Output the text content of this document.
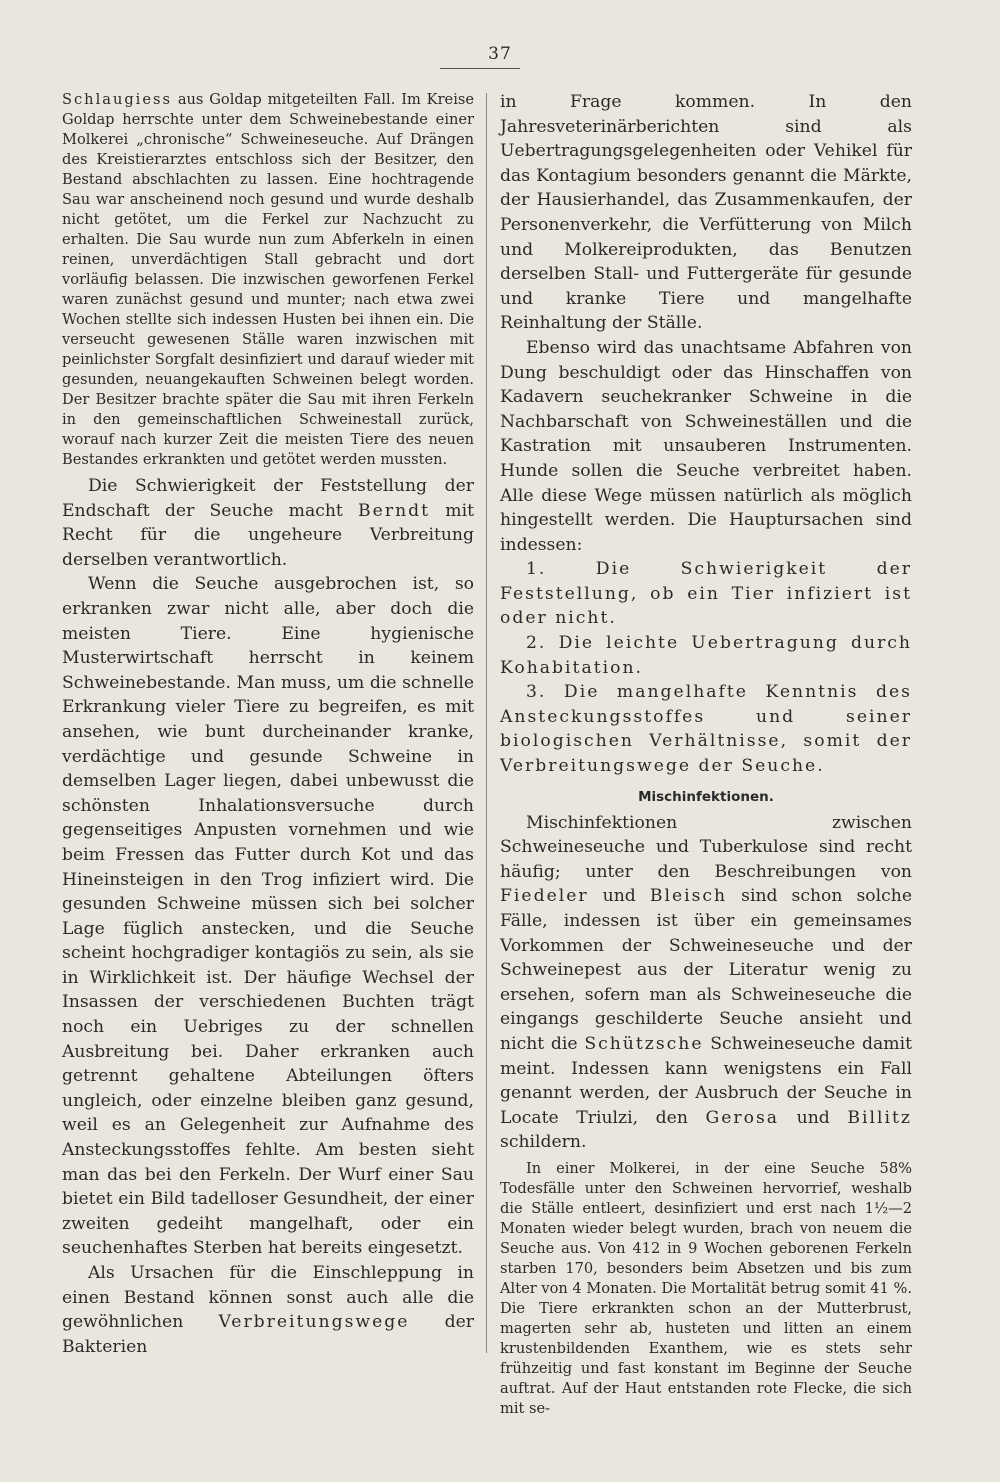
37

Schlaugiess aus Goldap mitgeteilten Fall. Im Kreise Goldap herrschte unter dem Schweinebestande einer Molkerei „chronische“ Schweineseuche. Auf Drängen des Kreistierarztes entschloss sich der Besitzer, den Bestand abschlachten zu lassen. Eine hochtragende Sau war anscheinend noch gesund und wurde deshalb nicht getötet, um die Ferkel zur Nachzucht zu erhalten. Die Sau wurde nun zum Abferkeln in einen reinen, unverdächtigen Stall gebracht und dort vorläufig belassen. Die inzwischen geworfenen Ferkel waren zunächst gesund und munter; nach etwa zwei Wochen stellte sich indessen Husten bei ihnen ein. Die verseucht gewesenen Ställe waren inzwischen mit peinlichster Sorgfalt desinfiziert und darauf wieder mit gesunden, neuangekauften Schweinen belegt worden. Der Besitzer brachte später die Sau mit ihren Ferkeln in den gemeinschaftlichen Schweinestall zurück, worauf nach kurzer Zeit die meisten Tiere des neuen Bestandes erkrankten und getötet werden mussten.

Die Schwierigkeit der Feststellung der Endschaft der Seuche macht Berndt mit Recht für die ungeheure Verbreitung derselben verantwortlich.

Wenn die Seuche ausgebrochen ist, so erkranken zwar nicht alle, aber doch die meisten Tiere. Eine hygienische Musterwirtschaft herrscht in keinem Schweinebestande. Man muss, um die schnelle Erkrankung vieler Tiere zu begreifen, es mit ansehen, wie bunt durcheinander kranke, verdächtige und gesunde Schweine in demselben Lager liegen, dabei unbewusst die schönsten Inhalationsversuche durch gegenseitiges Anpusten vornehmen und wie beim Fressen das Futter durch Kot und das Hineinsteigen in den Trog infiziert wird. Die gesunden Schweine müssen sich bei solcher Lage füglich anstecken, und die Seuche scheint hochgradiger kontagiös zu sein, als sie in Wirklichkeit ist. Der häufige Wechsel der Insassen der verschiedenen Buchten trägt noch ein Uebriges zu der schnellen Ausbreitung bei. Daher erkranken auch getrennt gehaltene Abteilungen öfters ungleich, oder einzelne bleiben ganz gesund, weil es an Gelegenheit zur Aufnahme des Ansteckungsstoffes fehlte. Am besten sieht man das bei den Ferkeln. Der Wurf einer Sau bietet ein Bild tadelloser Gesundheit, der einer zweiten gedeiht mangelhaft, oder ein seuchenhaftes Sterben hat bereits eingesetzt.

Als Ursachen für die Einschleppung in einen Bestand können sonst auch alle die gewöhnlichen Verbreitungswege der Bakterien

in Frage kommen. In den Jahresveterinärberichten sind als Uebertragungsgelegenheiten oder Vehikel für das Kontagium besonders genannt die Märkte, der Hausierhandel, das Zusammenkaufen, der Personenverkehr, die Verfütterung von Milch und Molkereiprodukten, das Benutzen derselben Stall- und Futtergeräte für gesunde und kranke Tiere und mangelhafte Reinhaltung der Ställe.

Ebenso wird das unachtsame Abfahren von Dung beschuldigt oder das Hinschaffen von Kadavern seuchekranker Schweine in die Nachbarschaft von Schweineställen und die Kastration mit unsauberen Instrumenten. Hunde sollen die Seuche verbreitet haben. Alle diese Wege müssen natürlich als möglich hingestellt werden. Die Hauptursachen sind indessen:

1. Die Schwierigkeit der Feststellung, ob ein Tier infiziert ist oder nicht.

2. Die leichte Uebertragung durch Kohabitation.

3. Die mangelhafte Kenntnis des Ansteckungsstoffes und seiner biologischen Verhältnisse, somit der Verbreitungswege der Seuche.

Mischinfektionen.

Mischinfektionen zwischen Schweineseuche und Tuberkulose sind recht häufig; unter den Beschreibungen von Fiedeler und Bleisch sind schon solche Fälle, indessen ist über ein gemeinsames Vorkommen der Schweineseuche und der Schweinepest aus der Literatur wenig zu ersehen, sofern man als Schweineseuche die eingangs geschilderte Seuche ansieht und nicht die Schützsche Schweineseuche damit meint. Indessen kann wenigstens ein Fall genannt werden, der Ausbruch der Seuche in Locate Triulzi, den Gerosa und Billitz schildern.

In einer Molkerei, in der eine Seuche 58% Todesfälle unter den Schweinen hervorrief, weshalb die Ställe entleert, desinfiziert und erst nach 1½—2 Monaten wieder belegt wurden, brach von neuem die Seuche aus. Von 412 in 9 Wochen geborenen Ferkeln starben 170, besonders beim Absetzen und bis zum Alter von 4 Monaten. Die Mortalität betrug somit 41 %. Die Tiere erkrankten schon an der Mutterbrust, magerten sehr ab, husteten und litten an einem krustenbildenden Exanthem, wie es stets sehr frühzeitig und fast konstant im Beginne der Seuche auftrat. Auf der Haut entstanden rote Flecke, die sich mit se-
